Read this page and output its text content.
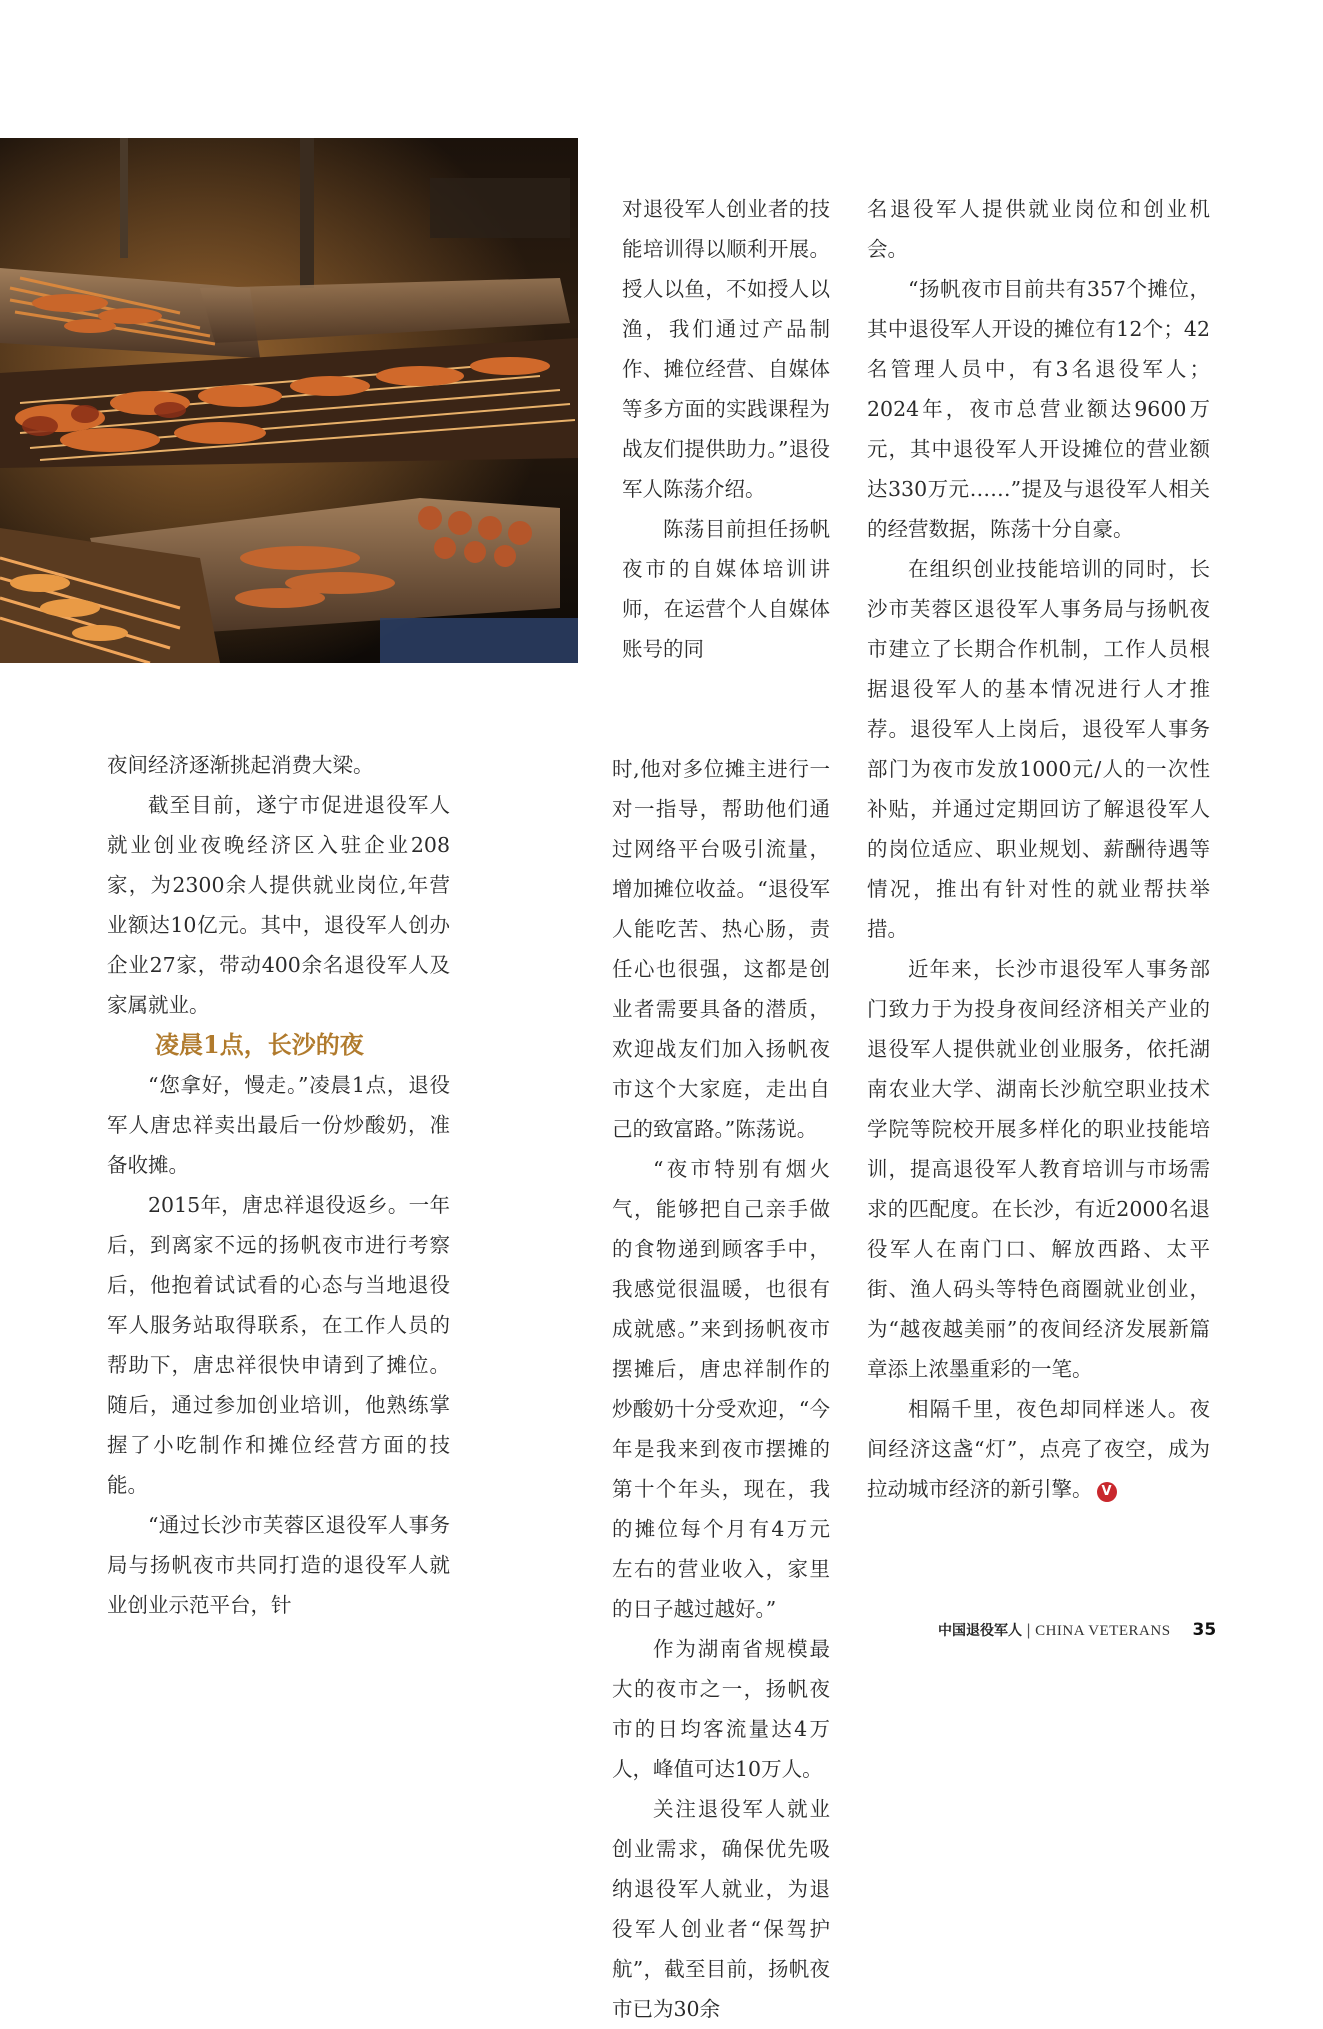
夜间经济逐渐挑起消费大梁。

截至目前，遂宁市促进退役军人就业创业夜晚经济区入驻企业208家，为2300余人提供就业岗位,年营业额达10亿元。其中，退役军人创办企业27家，带动400余名退役军人及家属就业。

凌晨1点，长沙的夜

“您拿好，慢走。”凌晨1点，退役军人唐忠祥卖出最后一份炒酸奶，准备收摊。

2015年，唐忠祥退役返乡。一年后，到离家不远的扬帆夜市进行考察后，他抱着试试看的心态与当地退役军人服务站取得联系，在工作人员的帮助下，唐忠祥很快申请到了摊位。随后，通过参加创业培训，他熟练掌握了小吃制作和摊位经营方面的技能。

“通过长沙市芙蓉区退役军人事务局与扬帆夜市共同打造的退役军人就业创业示范平台，针

对退役军人创业者的技能培训得以顺利开展。授人以鱼，不如授人以渔，我们通过产品制作、摊位经营、自媒体等多方面的实践课程为战友们提供助力。”退役军人陈荡介绍。

陈荡目前担任扬帆夜市的自媒体培训讲师，在运营个人自媒体账号的同

时,他对多位摊主进行一对一指导，帮助他们通过网络平台吸引流量，增加摊位收益。“退役军人能吃苦、热心肠，责任心也很强，这都是创业者需要具备的潜质，欢迎战友们加入扬帆夜市这个大家庭，走出自己的致富路。”陈荡说。

“夜市特别有烟火气，能够把自己亲手做的食物递到顾客手中，我感觉很温暖，也很有成就感。”来到扬帆夜市摆摊后，唐忠祥制作的炒酸奶十分受欢迎，“今年是我来到夜市摆摊的第十个年头，现在，我的摊位每个月有4万元左右的营业收入，家里的日子越过越好。”

作为湖南省规模最大的夜市之一，扬帆夜市的日均客流量达4万人，峰值可达10万人。

关注退役军人就业创业需求，确保优先吸纳退役军人就业，为退役军人创业者“保驾护航”，截至目前，扬帆夜市已为30余

名退役军人提供就业岗位和创业机会。

“扬帆夜市目前共有357个摊位，其中退役军人开设的摊位有12个；42名管理人员中，有3名退役军人；2024年，夜市总营业额达9600万元，其中退役军人开设摊位的营业额达330万元……”提及与退役军人相关的经营数据，陈荡十分自豪。

在组织创业技能培训的同时，长沙市芙蓉区退役军人事务局与扬帆夜市建立了长期合作机制，工作人员根据退役军人的基本情况进行人才推荐。退役军人上岗后，退役军人事务部门为夜市发放1000元/人的一次性补贴，并通过定期回访了解退役军人的岗位适应、职业规划、薪酬待遇等情况，推出有针对性的就业帮扶举措。

近年来，长沙市退役军人事务部门致力于为投身夜间经济相关产业的退役军人提供就业创业服务，依托湖南农业大学、湖南长沙航空职业技术学院等院校开展多样化的职业技能培训，提高退役军人教育培训与市场需求的匹配度。在长沙，有近2000名退役军人在南门口、解放西路、太平街、渔人码头等特色商圈就业创业，为“越夜越美丽”的夜间经济发展新篇章添上浓墨重彩的一笔。

相隔千里，夜色却同样迷人。夜间经济这盏“灯”，点亮了夜空，成为拉动城市经济的新引擎。 V

中国退役军人 | CHINA VETERANS 35
